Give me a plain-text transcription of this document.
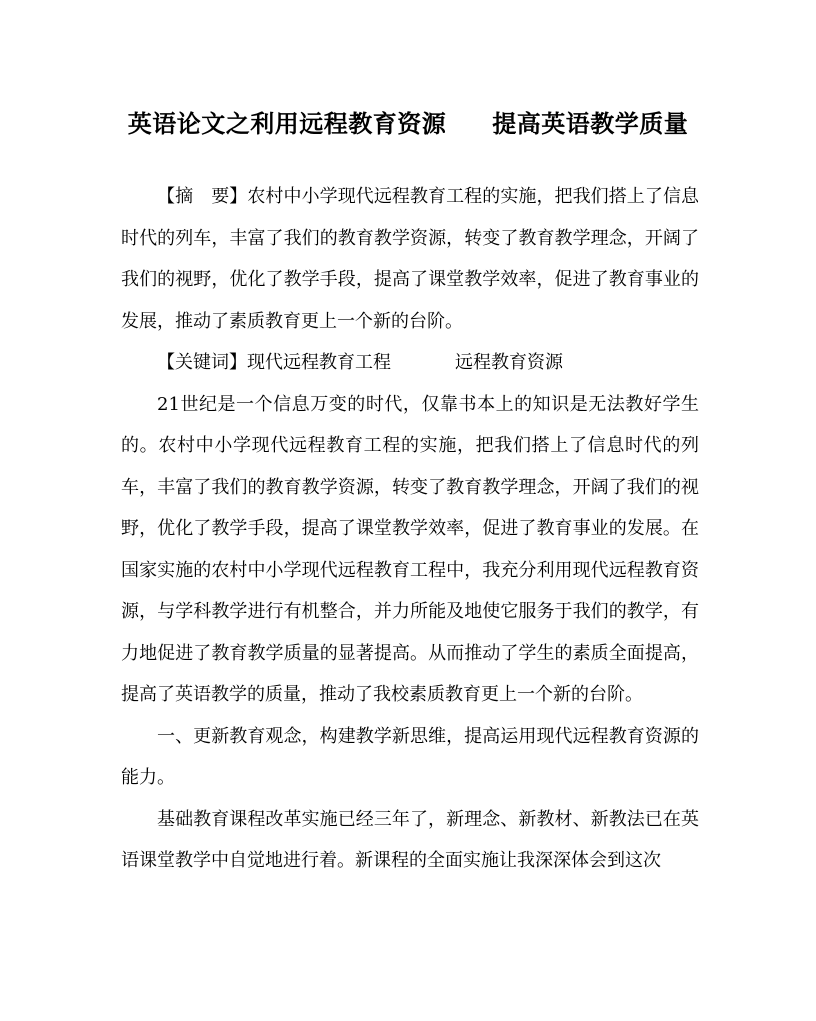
英语论文之利用远程教育资源 提高英语教学质量

【摘　要】农村中小学现代远程教育工程的实施，把我们搭上了信息时代的列车，丰富了我们的教育教学资源，转变了教育教学理念，开阔了我们的视野，优化了教学手段，提高了课堂教学效率，促进了教育事业的发展，推动了素质教育更上一个新的台阶。

【关键词】现代远程教育工程	远程教育资源

21世纪是一个信息万变的时代，仅靠书本上的知识是无法教好学生的。农村中小学现代远程教育工程的实施，把我们搭上了信息时代的列车，丰富了我们的教育教学资源，转变了教育教学理念，开阔了我们的视野，优化了教学手段，提高了课堂教学效率，促进了教育事业的发展。在国家实施的农村中小学现代远程教育工程中，我充分利用现代远程教育资源，与学科教学进行有机整合，并力所能及地使它服务于我们的教学，有力地促进了教育教学质量的显著提高。从而推动了学生的素质全面提高，提高了英语教学的质量，推动了我校素质教育更上一个新的台阶。

一、更新教育观念，构建教学新思维，提高运用现代远程教育资源的能力。

基础教育课程改革实施已经三年了，新理念、新教材、新教法已在英语课堂教学中自觉地进行着。新课程的全面实施让我深深体会到这次
